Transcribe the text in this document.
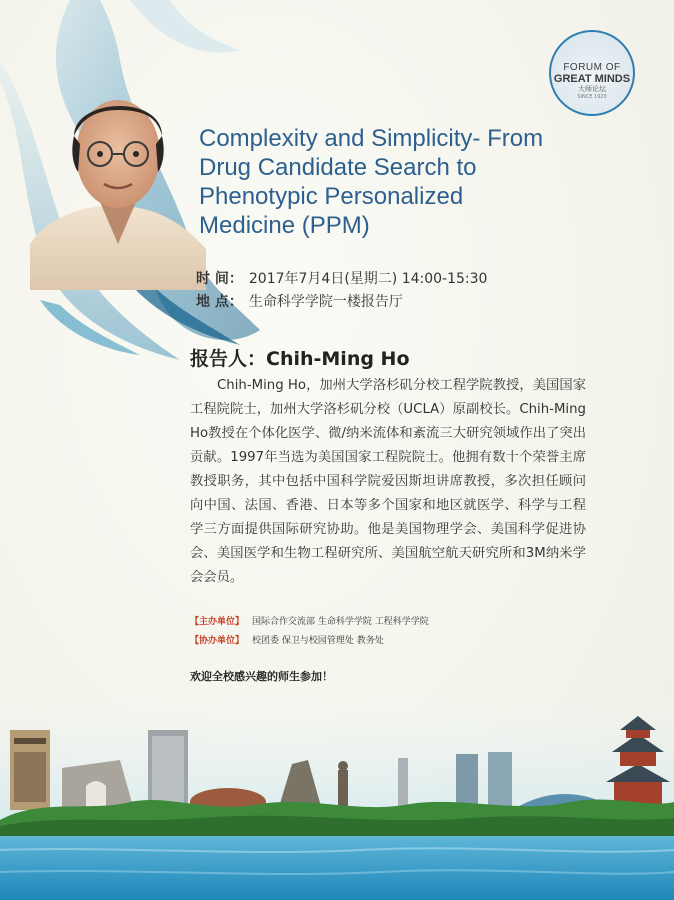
FORUM OF
GREAT MINDS
大师论坛
SINCE 1920
Complexity and Simplicity- From
Drug Candidate Search to
Phenotypic Personalized
Medicine (PPM)
时 间： 2017年7月4日(星期二) 14:00-15:30
地 点： 生命科学学院一楼报告厅
报告人：Chih-Ming Ho
Chih-Ming Ho，加州大学洛杉矶分校工程学院教授，美国国家工程院院士，加州大学洛杉矶分校（UCLA）原副校长。Chih-Ming Ho教授在个体化医学、微/纳米流体和紊流三大研究领域作出了突出贡献。1997年当选为美国国家工程院院士。他拥有数十个荣誉主席教授职务，其中包括中国科学院爱因斯坦讲席教授，多次担任顾问向中国、法国、香港、日本等多个国家和地区就医学、科学与工程学三方面提供国际研究协助。他是美国物理学会、美国科学促进协会、美国医学和生物工程研究所、美国航空航天研究所和3M纳米学会会员。
【主办单位】 国际合作交流部 生命科学学院 工程科学学院
【协办单位】 校团委 保卫与校园管理处 教务处
欢迎全校感兴趣的师生参加！
